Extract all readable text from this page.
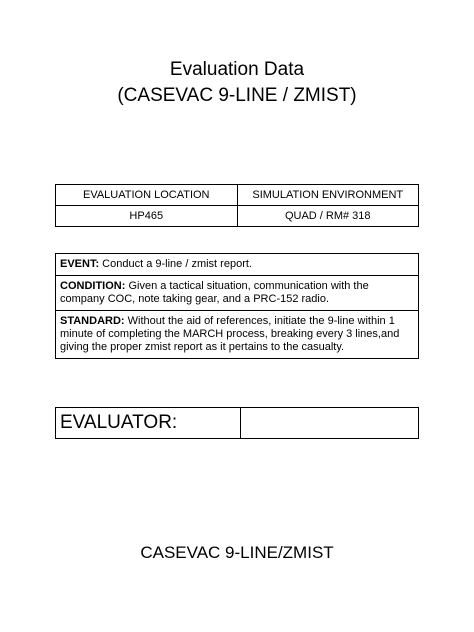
Evaluation Data
(CASEVAC 9-LINE / ZMIST)
EVALUATION LOCATION	SIMULATION ENVIRONMENT
HP465	QUAD / RM# 318
EVENT: Conduct a 9-line / zmist report.
CONDITION: Given a tactical situation, communication with the company COC, note taking gear, and a PRC-152 radio.
STANDARD: Without the aid of references, initiate the 9-line within 1 minute of completing the MARCH process, breaking every 3 lines,and giving the proper zmist report as it pertains to the casualty.
EVALUATOR:	
CASEVAC 9-LINE/ZMIST
